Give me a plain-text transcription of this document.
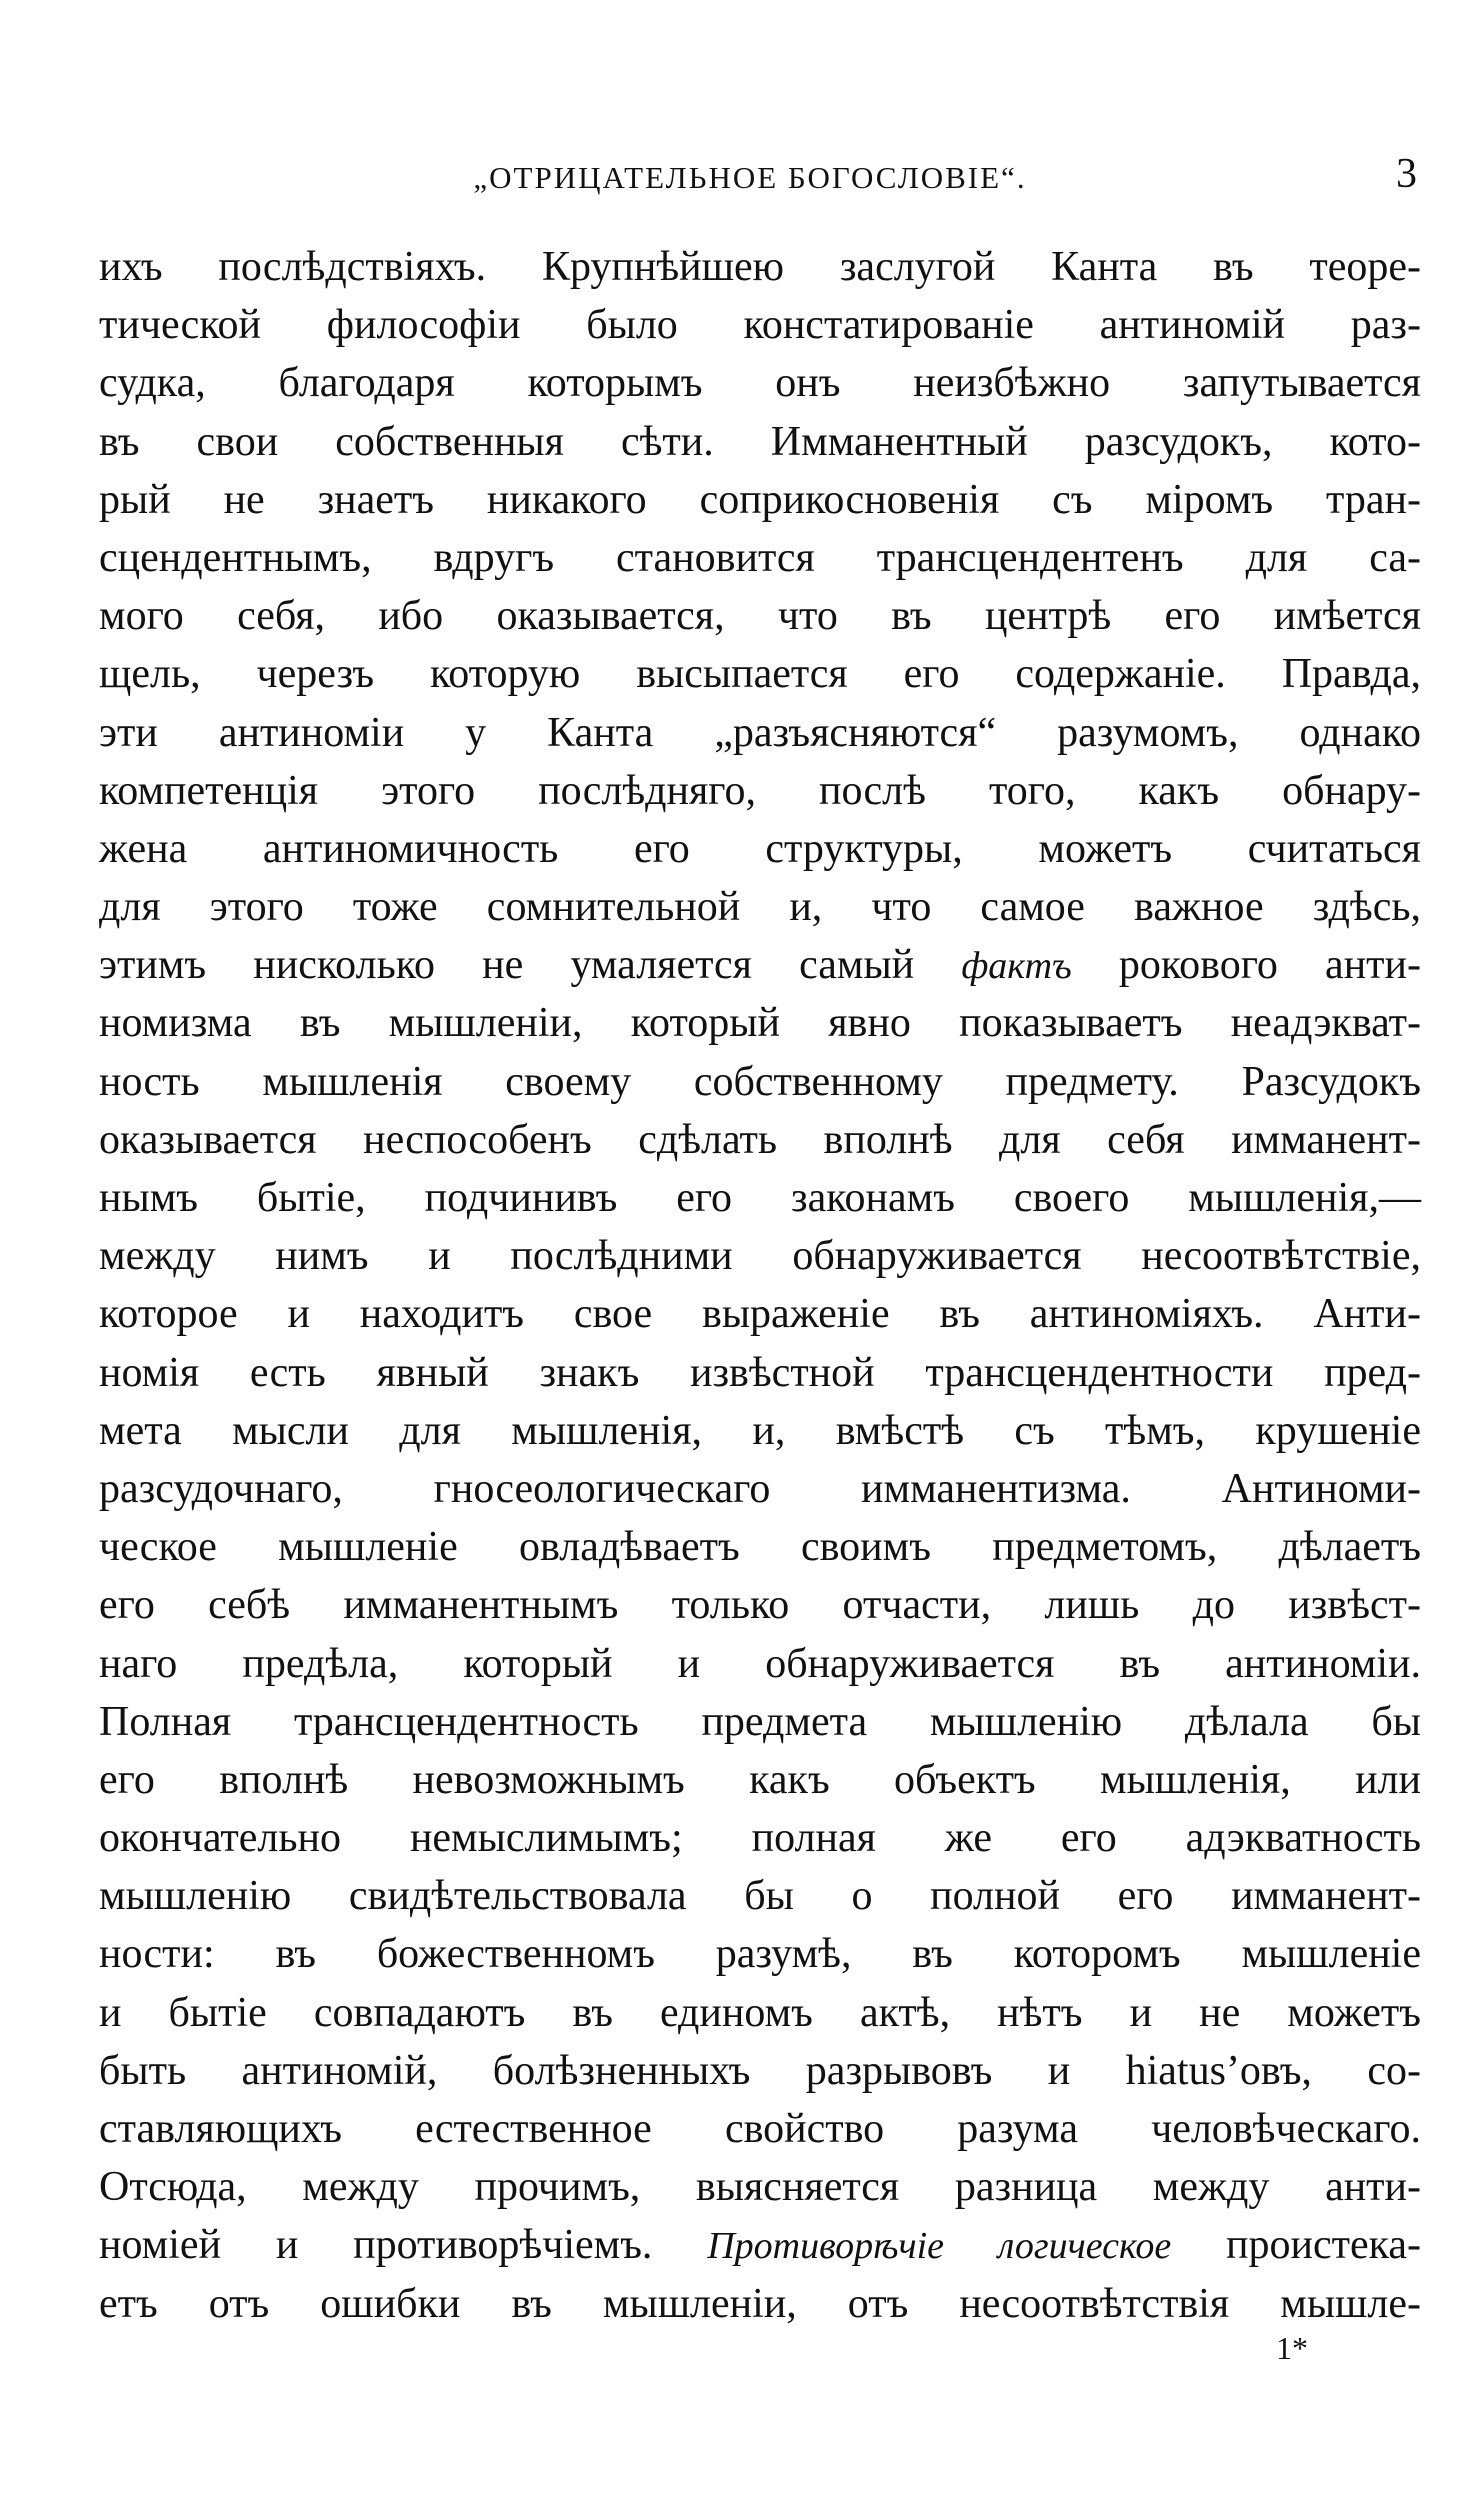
„ОТРИЦАТЕЛЬНОЕ БОГОСЛОВІЕ“.	3
ихъ послѣдствіяхъ. Крупнѣйшею заслугой Канта въ теоре-
тической философіи было констатированіе антиномій раз-
судка, благодаря которымъ онъ неизбѣжно запутывается
въ свои собственныя сѣти. Имманентный разсудокъ, кото-
рый не знаетъ никакого соприкосновенія съ міромъ тран-
сцендентнымъ, вдругъ становится трансцендентенъ для са-
мого себя, ибо оказывается, что въ центрѣ его имѣется
щель, черезъ которую высыпается его содержаніе. Правда,
эти антиноміи у Канта „разъясняются“ разумомъ, однако
компетенція этого послѣдняго, послѣ того, какъ обнару-
жена антиномичность его структуры, можетъ считаться
для этого тоже сомнительной и, что самое важное здѣсь,
этимъ нисколько не умаляется самый фактъ рокового анти-
номизма въ мышленіи, который явно показываетъ неадэкват-
ность мышленія своему собственному предмету. Разсудокъ
оказывается неспособенъ сдѣлать вполнѣ для себя имманент-
нымъ бытіе, подчинивъ его законамъ своего мышленія,—
между нимъ и послѣдними обнаруживается несоотвѣтствіе,
которое и находитъ свое выраженіе въ антиноміяхъ. Анти-
номія есть явный знакъ извѣстной трансцендентности пред-
мета мысли для мышленія, и, вмѣстѣ съ тѣмъ, крушеніе
разсудочнаго, гносеологическаго имманентизма. Антиноми-
ческое мышленіе овладѣваетъ своимъ предметомъ, дѣлаетъ
его себѣ имманентнымъ только отчасти, лишь до извѣст-
наго предѣла, который и обнаруживается въ антиноміи.
Полная трансцендентность предмета мышленію дѣлала бы
его вполнѣ невозможнымъ какъ объектъ мышленія, или
окончательно немыслимымъ; полная же его адэкватность
мышленію свидѣтельствовала бы о полной его имманент-
ности: въ божественномъ разумѣ, въ которомъ мышленіе
и бытіе совпадаютъ въ единомъ актѣ, нѣтъ и не можетъ
быть антиномій, болѣзненныхъ разрывовъ и hiatus’овъ, со-
ставляющихъ естественное свойство разума человѣческаго.
Отсюда, между прочимъ, выясняется разница между анти-
номіей и противорѣчіемъ. Противорѣчіе логическое проистека-
етъ отъ ошибки въ мышленіи, отъ несоотвѣтствія мышле-
1*
